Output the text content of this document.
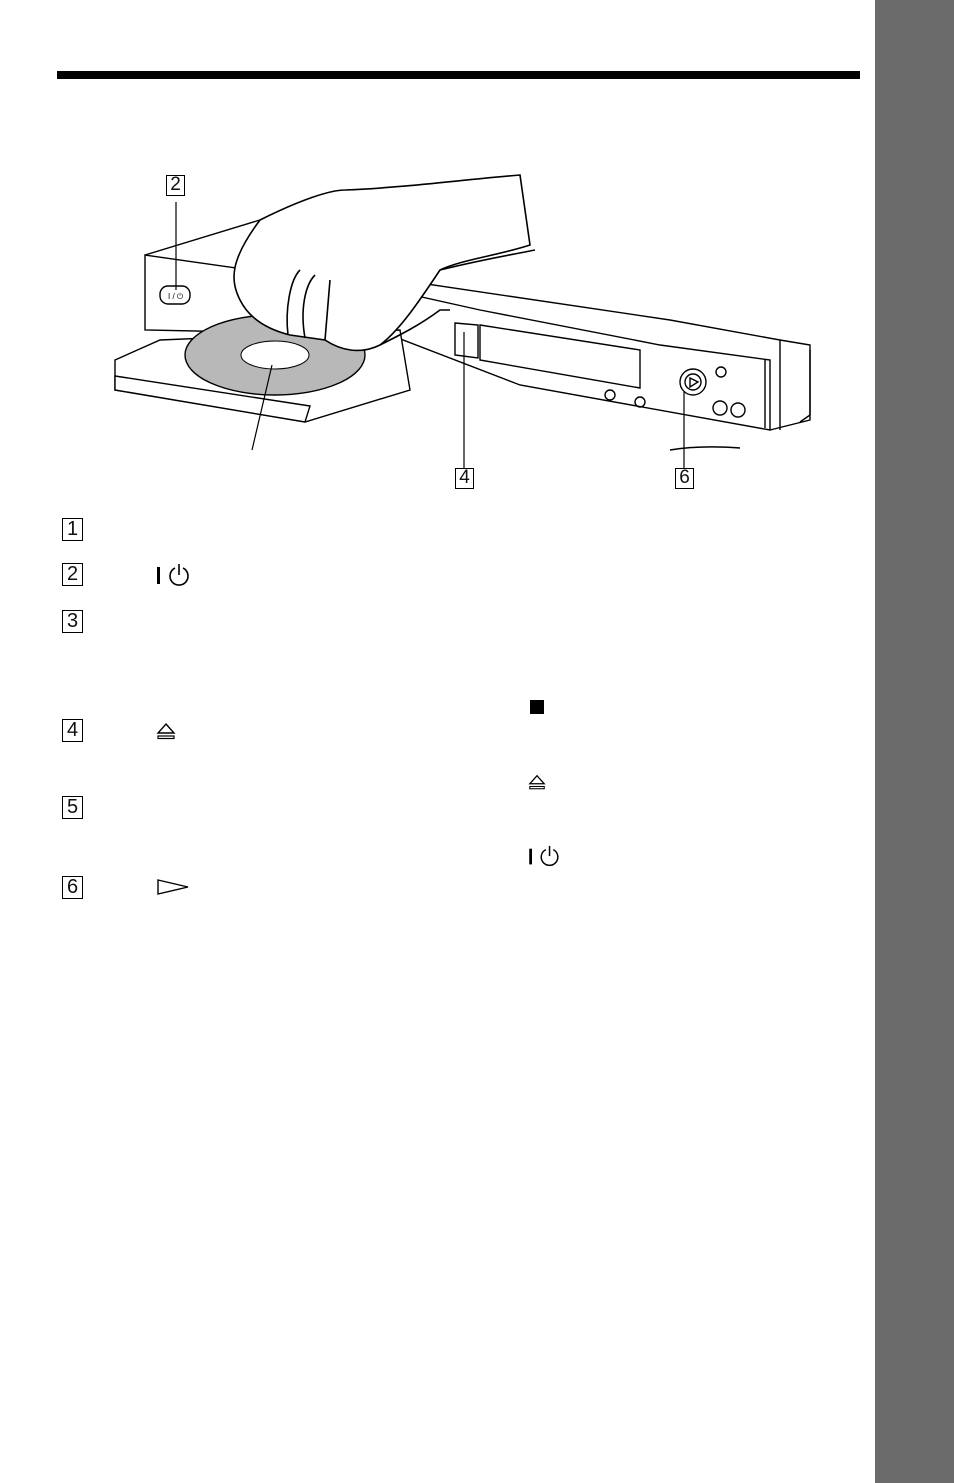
I / ⏻
2
4	6
1
2
3
4
5
6
